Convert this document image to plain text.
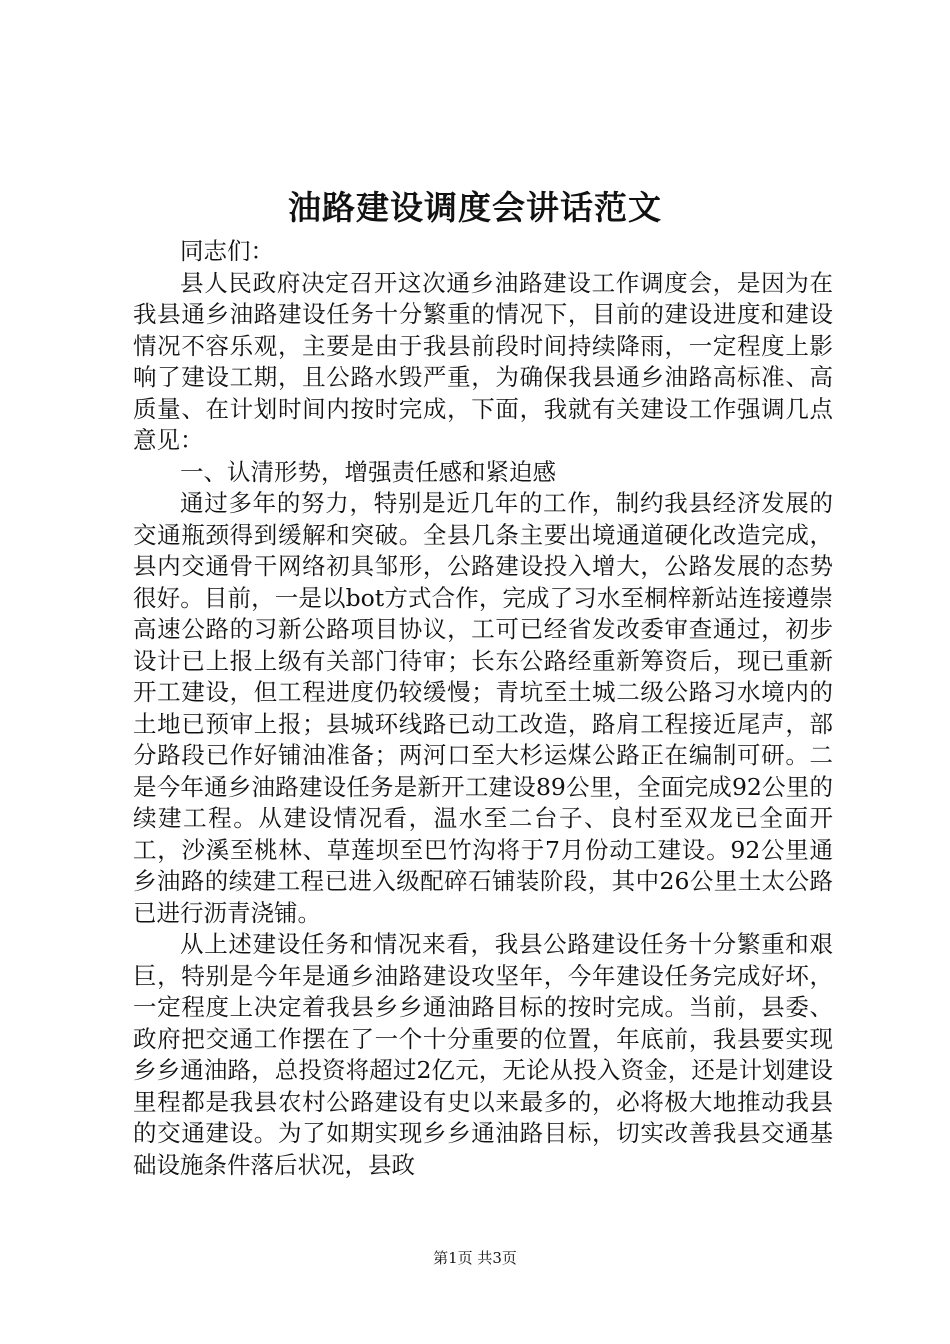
油路建设调度会讲话范文

同志们：

县人民政府决定召开这次通乡油路建设工作调度会，是因为在我县通乡油路建设任务十分繁重的情况下，目前的建设进度和建设情况不容乐观，主要是由于我县前段时间持续降雨，一定程度上影响了建设工期，且公路水毁严重，为确保我县通乡油路高标准、高质量、在计划时间内按时完成，下面，我就有关建设工作强调几点意见：

一、认清形势，增强责任感和紧迫感

通过多年的努力，特别是近几年的工作，制约我县经济发展的交通瓶颈得到缓解和突破。全县几条主要出境通道硬化改造完成，县内交通骨干网络初具邹形，公路建设投入增大，公路发展的态势很好。目前，一是以bot方式合作，完成了习水至桐梓新站连接遵崇高速公路的习新公路项目协议，工可已经省发改委审查通过，初步设计已上报上级有关部门待审；长东公路经重新筹资后，现已重新开工建设，但工程进度仍较缓慢；青坑至土城二级公路习水境内的土地已预审上报；县城环线路已动工改造，路肩工程接近尾声，部分路段已作好铺油准备；两河口至大杉运煤公路正在编制可研。二是今年通乡油路建设任务是新开工建设89公里，全面完成92公里的续建工程。从建设情况看，温水至二台子、良村至双龙已全面开工，沙溪至桃林、草莲坝至巴竹沟将于7月份动工建设。92公里通乡油路的续建工程已进入级配碎石铺装阶段，其中26公里土太公路已进行沥青浇铺。

从上述建设任务和情况来看，我县公路建设任务十分繁重和艰巨，特别是今年是通乡油路建设攻坚年，今年建设任务完成好坏，一定程度上决定着我县乡乡通油路目标的按时完成。当前，县委、政府把交通工作摆在了一个十分重要的位置，年底前，我县要实现乡乡通油路，总投资将超过2亿元，无论从投入资金，还是计划建设里程都是我县农村公路建设有史以来最多的，必将极大地推动我县的交通建设。为了如期实现乡乡通油路目标，切实改善我县交通基础设施条件落后状况，县政

第1页 共3页
